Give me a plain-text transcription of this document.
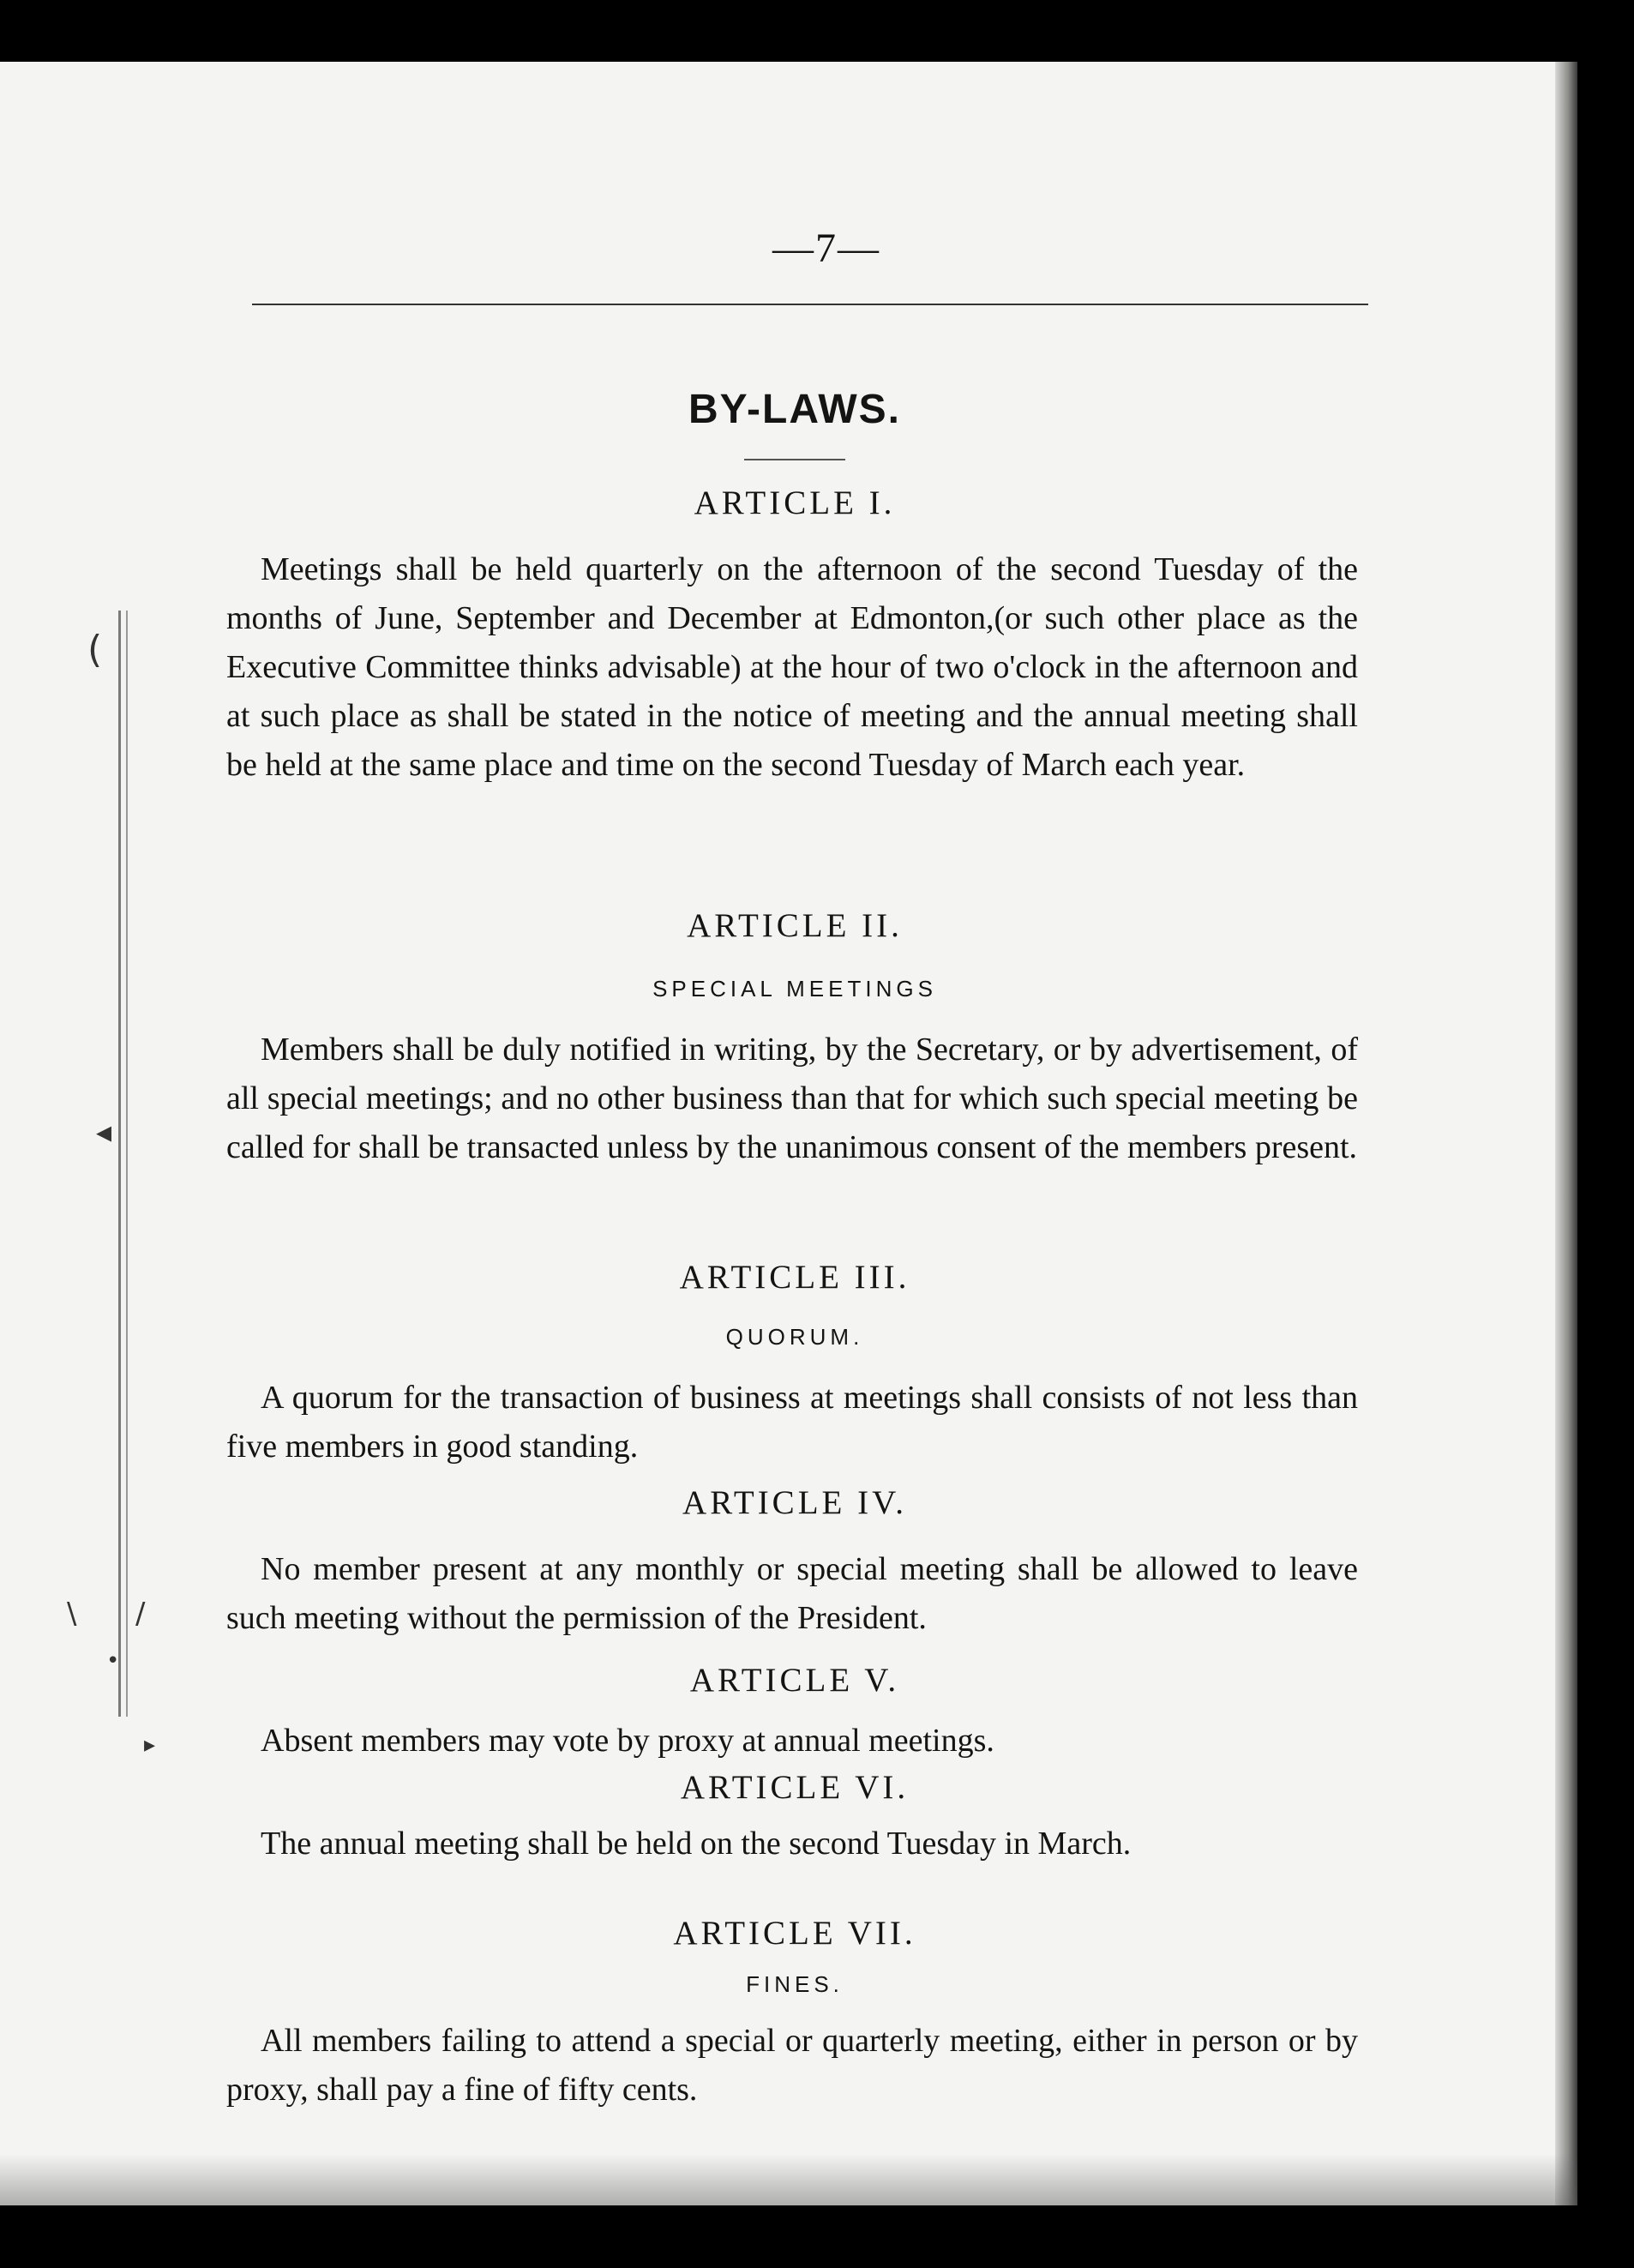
(
◂
\ /
•
▸
—7—
BY-LAWS.
ARTICLE I.
Meetings shall be held quarterly on the afternoon of the second Tuesday of the months of June, September and December at Edmonton,(or such other place as the Executive Committee thinks advisable) at the hour of two o'clock in the afternoon and at such place as shall be stated in the notice of meeting and the annual meeting shall be held at the same place and time on the second Tuesday of March each year.
ARTICLE II.
SPECIAL MEETINGS
Members shall be duly notified in writing, by the Secretary, or by advertisement, of all special meetings; and no other business than that for which such special meeting be called for shall be transacted unless by the unanimous consent of the members present.
ARTICLE III.
QUORUM.
A quorum for the transaction of business at meetings shall consists of not less than five members in good standing.
ARTICLE IV.
No member present at any monthly or special meeting shall be allowed to leave such meeting without the permission of the President.
ARTICLE V.
Absent members may vote by proxy at annual meetings.
ARTICLE VI.
The annual meeting shall be held on the second Tuesday in March.
ARTICLE VII.
FINES.
All members failing to attend a special or quarterly meeting, either in person or by proxy, shall pay a fine of fifty cents.
